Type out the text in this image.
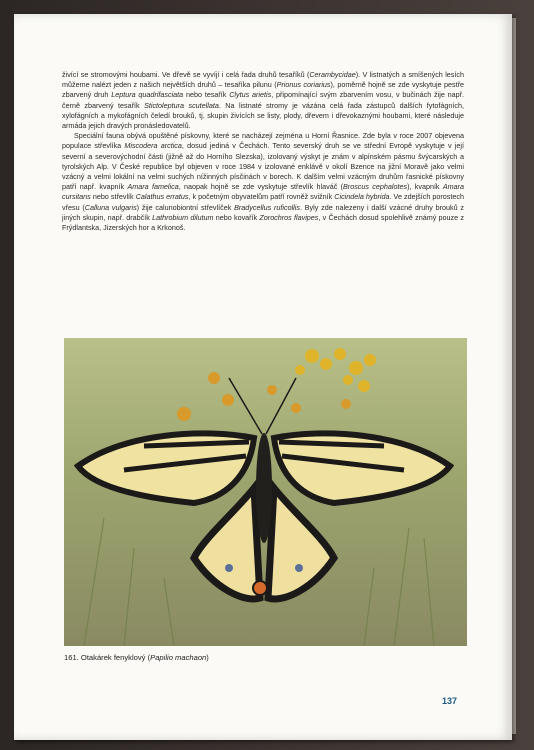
živící se stromovými houbami. Ve dřevě se vyvíjí i celá řada druhů tesaříků (Cerambycidae). V listnatých a smíšených lesích můžeme nalézt jeden z našich největších druhů – tesaříka pilunu (Prionus coriarius), poměrně hojně se zde vyskytuje pestře zbarvený druh Leptura quadrifasciata nebo tesařík Clytus arietis, připomínající svým zbarvením vosu, v bučinách žije např. černě zbarvený tesařík Stictoleptura scutellata. Na listnaté stromy je vázána celá řada zástupců dalších fytofágních, xylofágních a mykofágních čeledí brouků, tj. skupin živících se listy, plody, dřevem i dřevokaznými houbami, které následuje armáda jejich dravých pronásledovatelů.

Speciální fauna obývá opuštěné pískovny, které se nacházejí zejména u Horní Řasnice. Zde byla v roce 2007 objevena populace střevlíka Miscodera arctica, dosud jediná v Čechách. Tento severský druh se ve střední Evropě vyskytuje v její severní a severovýchodní části (jižně až do Horního Slezska), izolovaný výskyt je znám v alpínském pásmu švýcarských a tyrolských Alp. V České republice byl objeven v roce 1984 v izolované enklávě v okolí Bzence na jižní Moravě jako velmi vzácný a velmi lokální na velmi suchých nížinných písčinách v borech. K dalším velmi vzácným druhům řasnické pískovny patří např. kvapník Amara famelica, naopak hojně se zde vyskytuje střevlík hlaváč (Broscus cephalotes), kvapník Amara cursitans nebo střevlík Calathus erratus, k početným obyvatelům patří rovněž svižník Cicindela hybrida. Ve zdejších porostech vřesu (Calluna vulgaris) žije calunobiontní střevlíček Bradycellus ruficollis. Byly zde nalezeny i další vzácné druhy brouků z jiných skupin, např. drabčík Lathrobium dilutum nebo kovařík Zorochros flavipes, v Čechách dosud spolehlivě známý pouze z Frýdlantska, Jizerských hor a Krkonoš.

161. Otakárek fenyklový (Papilio machaon)
137
